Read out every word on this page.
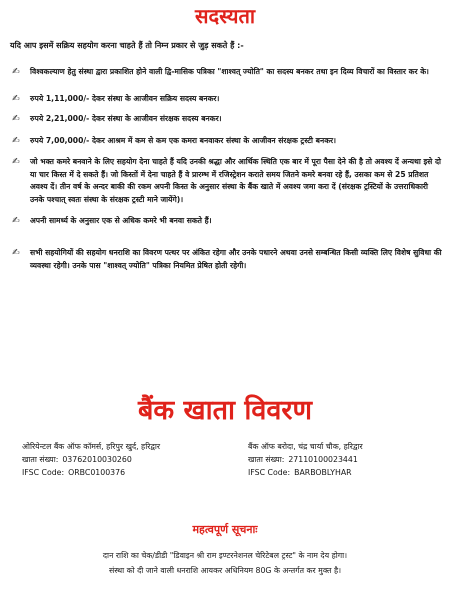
सदस्यता
यदि आप इसमें सक्रिय सहयोग करना चाहते हैं तो निम्न प्रकार से जुड़ सकते हैं :-
✍	विश्वकल्याण हेतु संस्था द्वारा प्रकाशित होने वाली द्वि-मासिक पत्रिका "शाश्वत् ज्योति" का सदस्य बनकर तथा इन दिव्य विचारों का विस्तार कर के।
✍	रुपये 1,11,000/- देकर संस्था के आजीवन सक्रिय सदस्य बनकर।
✍	रुपये 2,21,000/- देकर संस्था के आजीवन संरक्षक सदस्य बनकर।
✍	रुपये 7,00,000/- देकर आश्रम में कम से कम एक कमरा बनवाकर संस्था के आजीवन संरक्षक ट्रस्टी बनकर।
✍	जो भक्त कमरे बनवाने के लिए सहयोग देना चाहते हैं यदि उनकी श्रद्धा और आर्थिक स्थिति एक बार में पूरा पैसा देने की है तो अवश्य दें अन्यथा इसे दो या चार किस्त में दे सकते हैं। जो किस्तों में देना चाहते हैं वे प्रारम्भ में रजिस्ट्रेशन कराते समय जितने कमरे बनवा रहे हैं, उसका कम से 25 प्रतिशत अवश्य दें। तीन वर्ष के अन्दर बाकी की रकम अपनी किस्त के अनुसार संस्था के बैंक खाते में अवश्य जमा करा दें (संरक्षक ट्रस्टियों के उत्तराधिकारी उनके पश्चात् स्वतः संस्था के संरक्षक ट्रस्टी माने जायेंगे)।
✍	अपनी सामर्थ्य के अनुसार एक से अधिक कमरे भी बनवा सकते हैं।
✍	सभी सहयोगियों की सहयोग धनराशि का विवरण पत्थर पर अंकित रहेगा और उनके पधारने अथवा उनसे सम्बन्धित किसी व्यक्ति लिए विशेष सुविधा की व्यवस्था रहेगी। उनके पास "शाश्वत् ज्योति" पत्रिका नियमित प्रेषित होती रहेगी।
बैंक खाता विवरण
ओरियेन्टल बैंक ऑफ कॉमर्स, हरिपुर खुर्द, हरिद्वार
खाता संख्या: 03762010030260
IFSC Code: ORBC0100376
बैंक ऑफ बरोदा, चंद्र चार्या चौक, हरिद्वार
खाता संख्या: 27110100023441
IFSC Code: BARBOBLYHAR
महत्वपूर्ण सूचनाः
दान राशि का चेक/डीडी "डिवाइन श्री राम इण्टरनेशनल चेरिटेबल ट्रस्ट" के नाम देय होगा।
संस्था को दी जाने वाली धनराशि आयकर अधिनियम 80G के अन्तर्गत कर मुक्त है।
